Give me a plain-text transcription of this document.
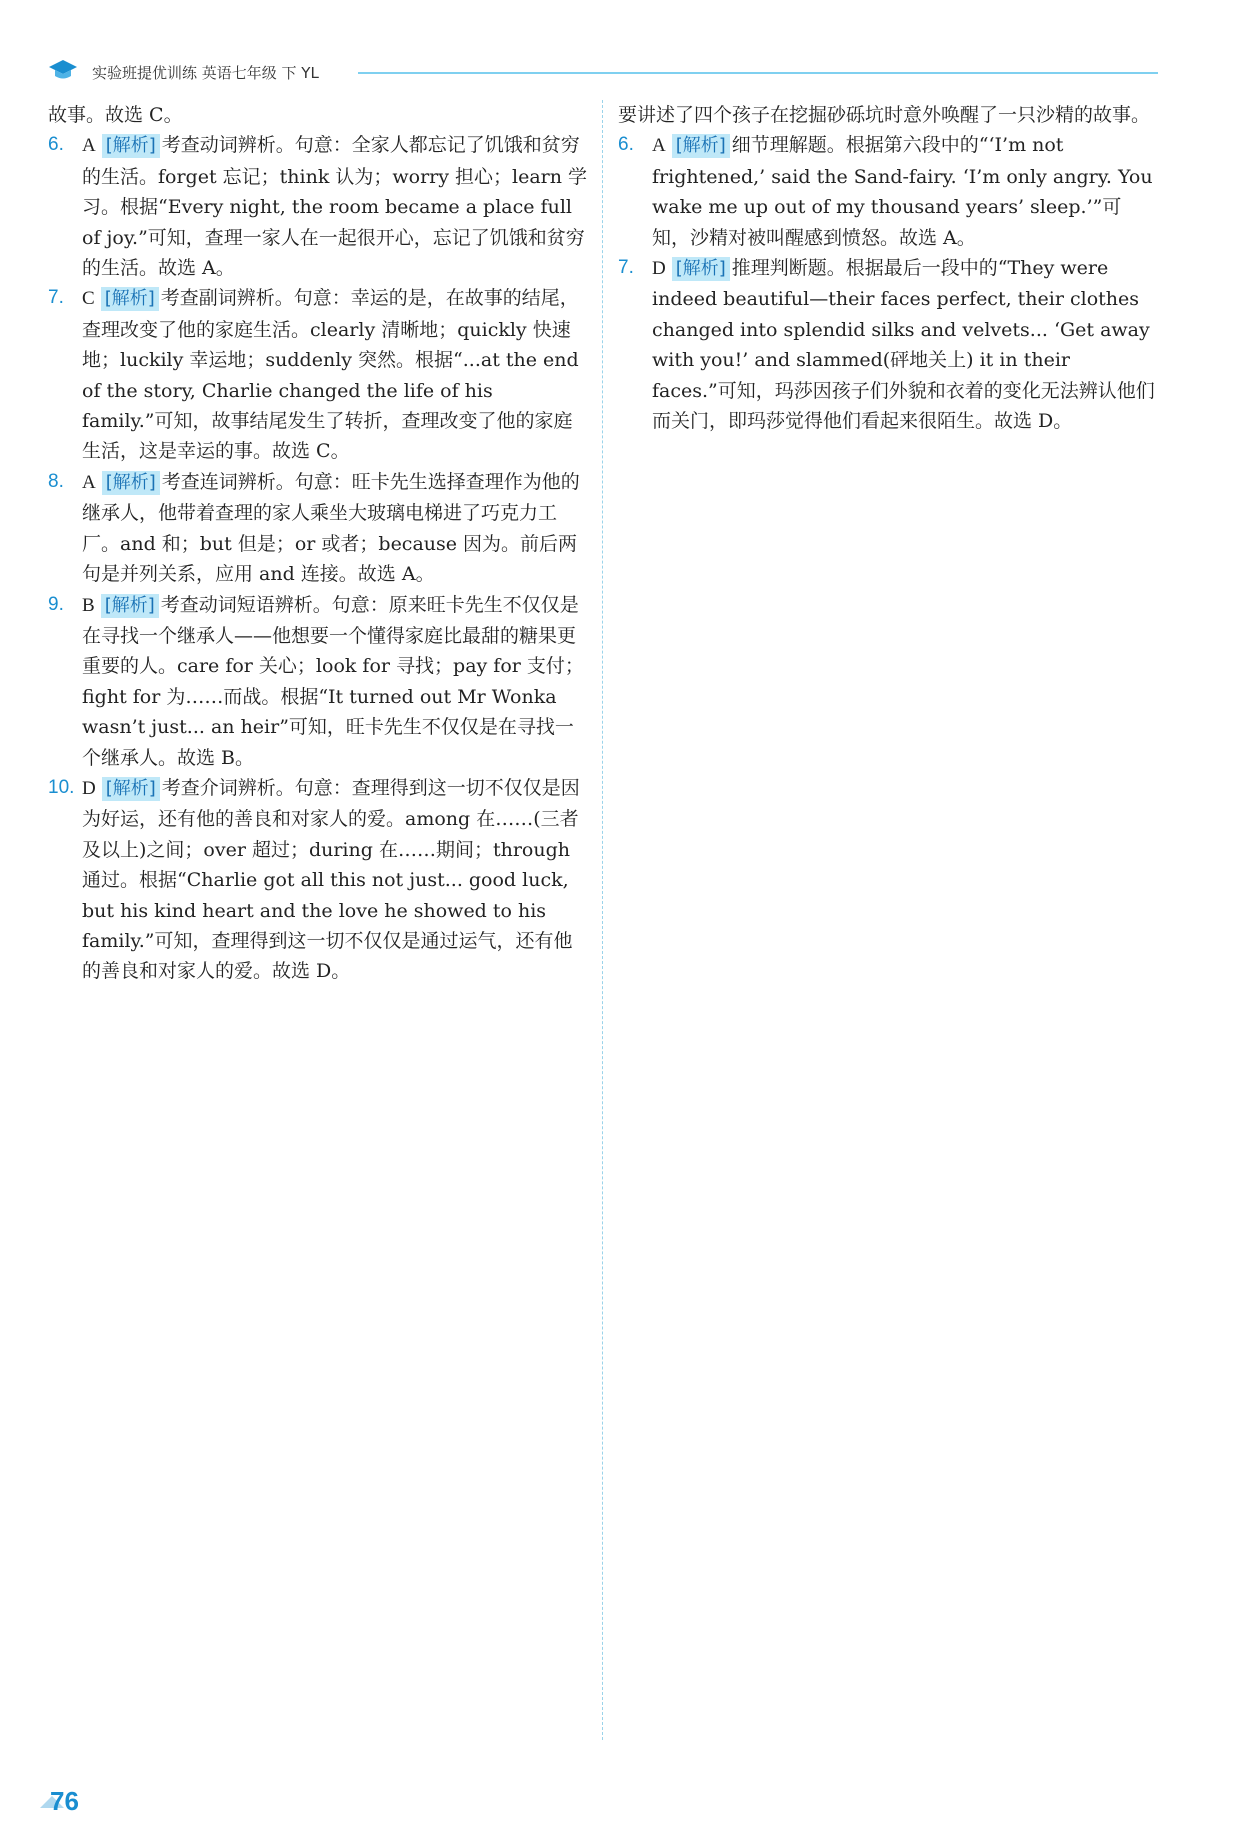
实验班提优训练 英语七年级 下 YL
故事。故选 C。
6. A [解析] 考查动词辨析。句意：全家人都忘记了饥饿和贫穷的生活。forget 忘记；think 认为；worry 担心；learn 学习。根据“Every night, the room became a place full of joy.”可知，查理一家人在一起很开心，忘记了饥饿和贫穷的生活。故选 A。
7. C [解析] 考查副词辨析。句意：幸运的是，在故事的结尾，查理改变了他的家庭生活。clearly 清晰地；quickly 快速地；luckily 幸运地；suddenly 突然。根据“...at the end of the story, Charlie changed the life of his family.”可知，故事结尾发生了转折，查理改变了他的家庭生活，这是幸运的事。故选 C。
8. A [解析] 考查连词辨析。句意：旺卡先生选择查理作为他的继承人，他带着查理的家人乘坐大玻璃电梯进了巧克力工厂。and 和；but 但是；or 或者；because 因为。前后两句是并列关系，应用 and 连接。故选 A。
9. B [解析] 考查动词短语辨析。句意：原来旺卡先生不仅仅是在寻找一个继承人——他想要一个懂得家庭比最甜的糖果更重要的人。care for 关心；look for 寻找；pay for 支付；fight for 为……而战。根据“It turned out Mr Wonka wasn’t just... an heir”可知，旺卡先生不仅仅是在寻找一个继承人。故选 B。
10. D [解析] 考查介词辨析。句意：查理得到这一切不仅仅是因为好运，还有他的善良和对家人的爱。among 在……(三者及以上)之间；over 超过；during 在……期间；through 通过。根据“Charlie got all this not just... good luck, but his kind heart and the love he showed to his family.”可知，查理得到这一切不仅仅是通过运气，还有他的善良和对家人的爱。故选 D。
要讲述了四个孩子在挖掘砂砾坑时意外唤醒了一只沙精的故事。
6. A [解析] 细节理解题。根据第六段中的“‘I’m not frightened,’ said the Sand-fairy. ‘I’m only angry. You wake me up out of my thousand years’ sleep.’”可知，沙精对被叫醒感到愤怒。故选 A。
7. D [解析] 推理判断题。根据最后一段中的“They were indeed beautiful—their faces perfect, their clothes changed into splendid silks and velvets... ‘Get away with you!’ and slammed(砰地关上) it in their faces.”可知，玛莎因孩子们外貌和衣着的变化无法辨认他们而关门，即玛莎觉得他们看起来很陌生。故选 D。
76
